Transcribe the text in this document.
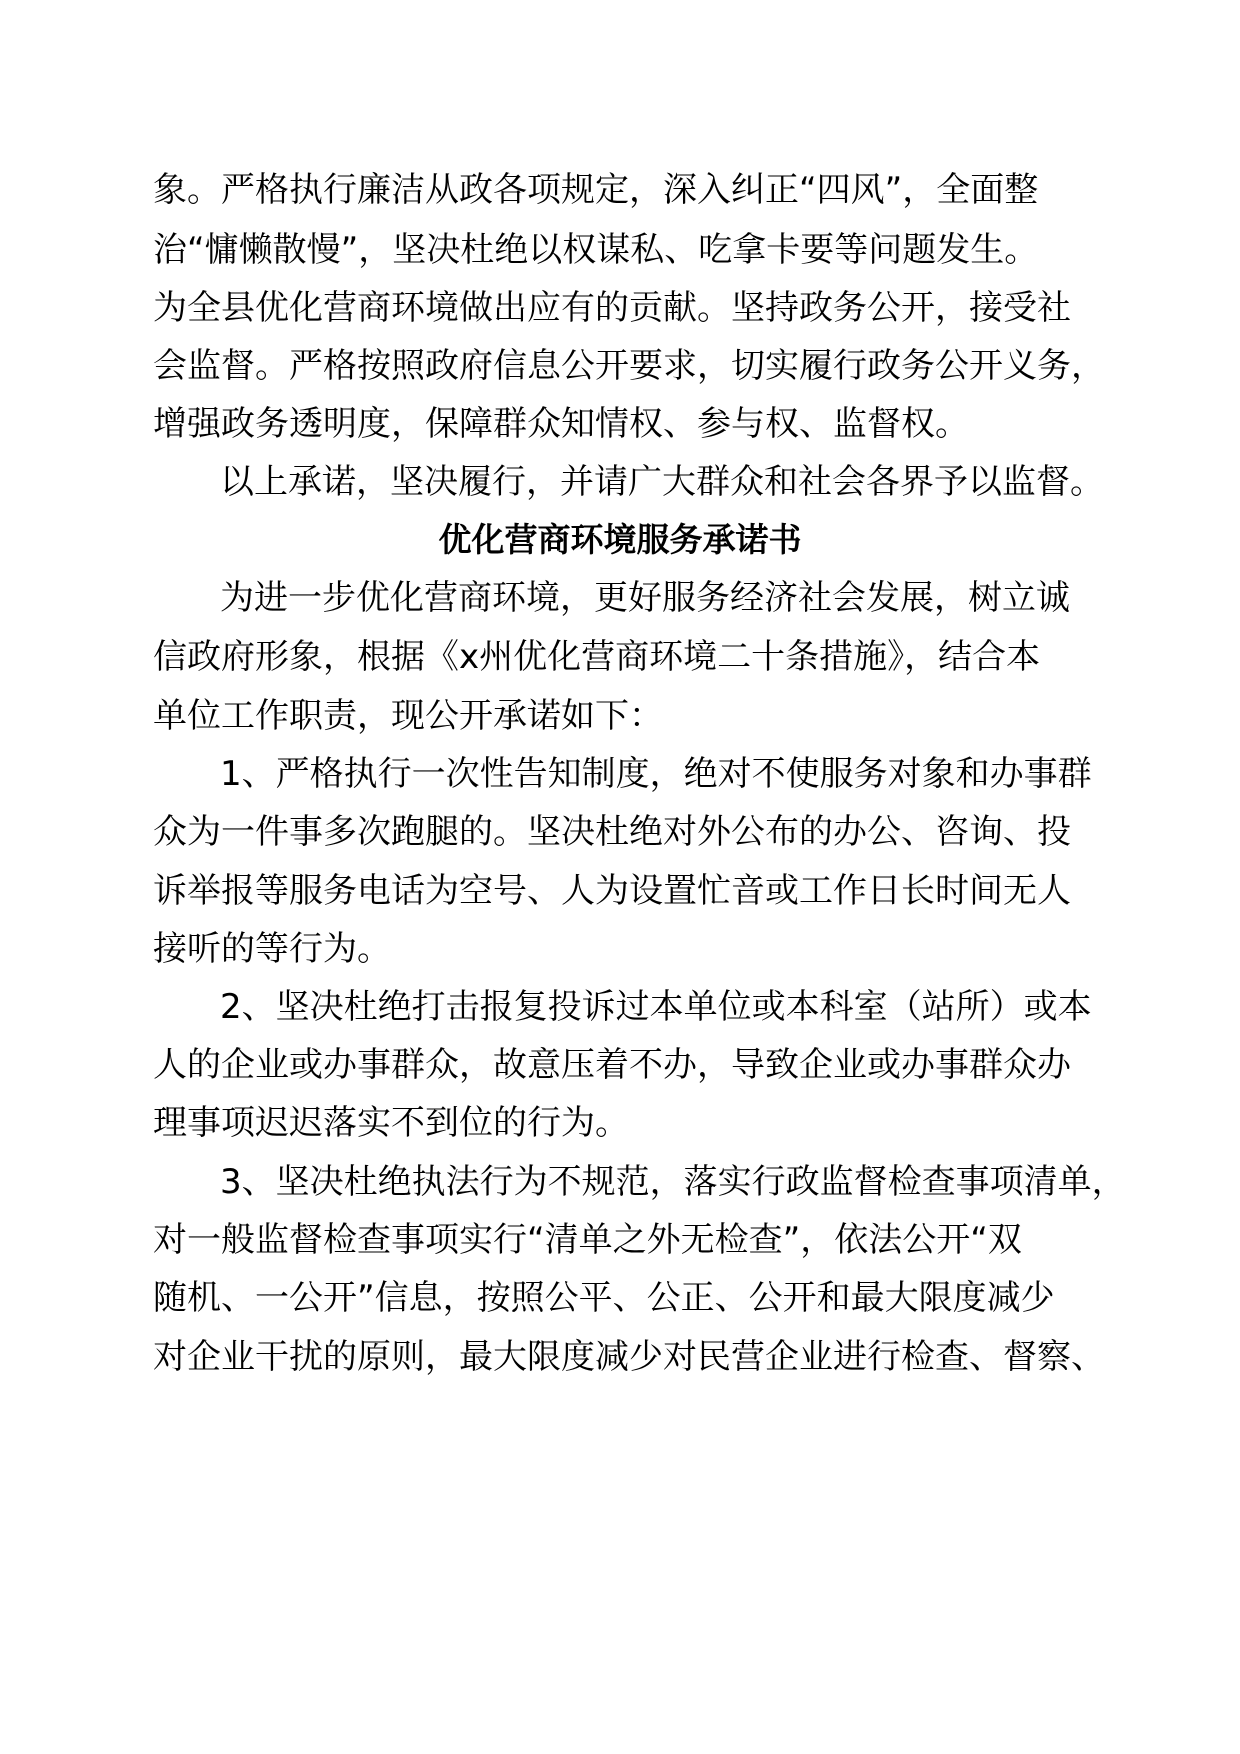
象。严格执行廉洁从政各项规定，深入纠正“四风”，全面整
治“慵懒散慢”，坚决杜绝以权谋私、吃拿卡要等问题发生。
为全县优化营商环境做出应有的贡献。坚持政务公开，接受社
会监督。严格按照政府信息公开要求，切实履行政务公开义务，
增强政务透明度，保障群众知情权、参与权、监督权。
以上承诺，坚决履行，并请广大群众和社会各界予以监督。
优化营商环境服务承诺书
为进一步优化营商环境，更好服务经济社会发展，树立诚
信政府形象，根据《x州优化营商环境二十条措施》，结合本
单位工作职责，现公开承诺如下：
1、严格执行一次性告知制度，绝对不使服务对象和办事群
众为一件事多次跑腿的。坚决杜绝对外公布的办公、咨询、投
诉举报等服务电话为空号、人为设置忙音或工作日长时间无人
接听的等行为。
2、坚决杜绝打击报复投诉过本单位或本科室（站所）或本
人的企业或办事群众，故意压着不办，导致企业或办事群众办
理事项迟迟落实不到位的行为。
3、坚决杜绝执法行为不规范，落实行政监督检查事项清单，
对一般监督检查事项实行“清单之外无检查”，依法公开“双
随机、一公开”信息，按照公平、公正、公开和最大限度减少
对企业干扰的原则，最大限度减少对民营企业进行检查、督察、
